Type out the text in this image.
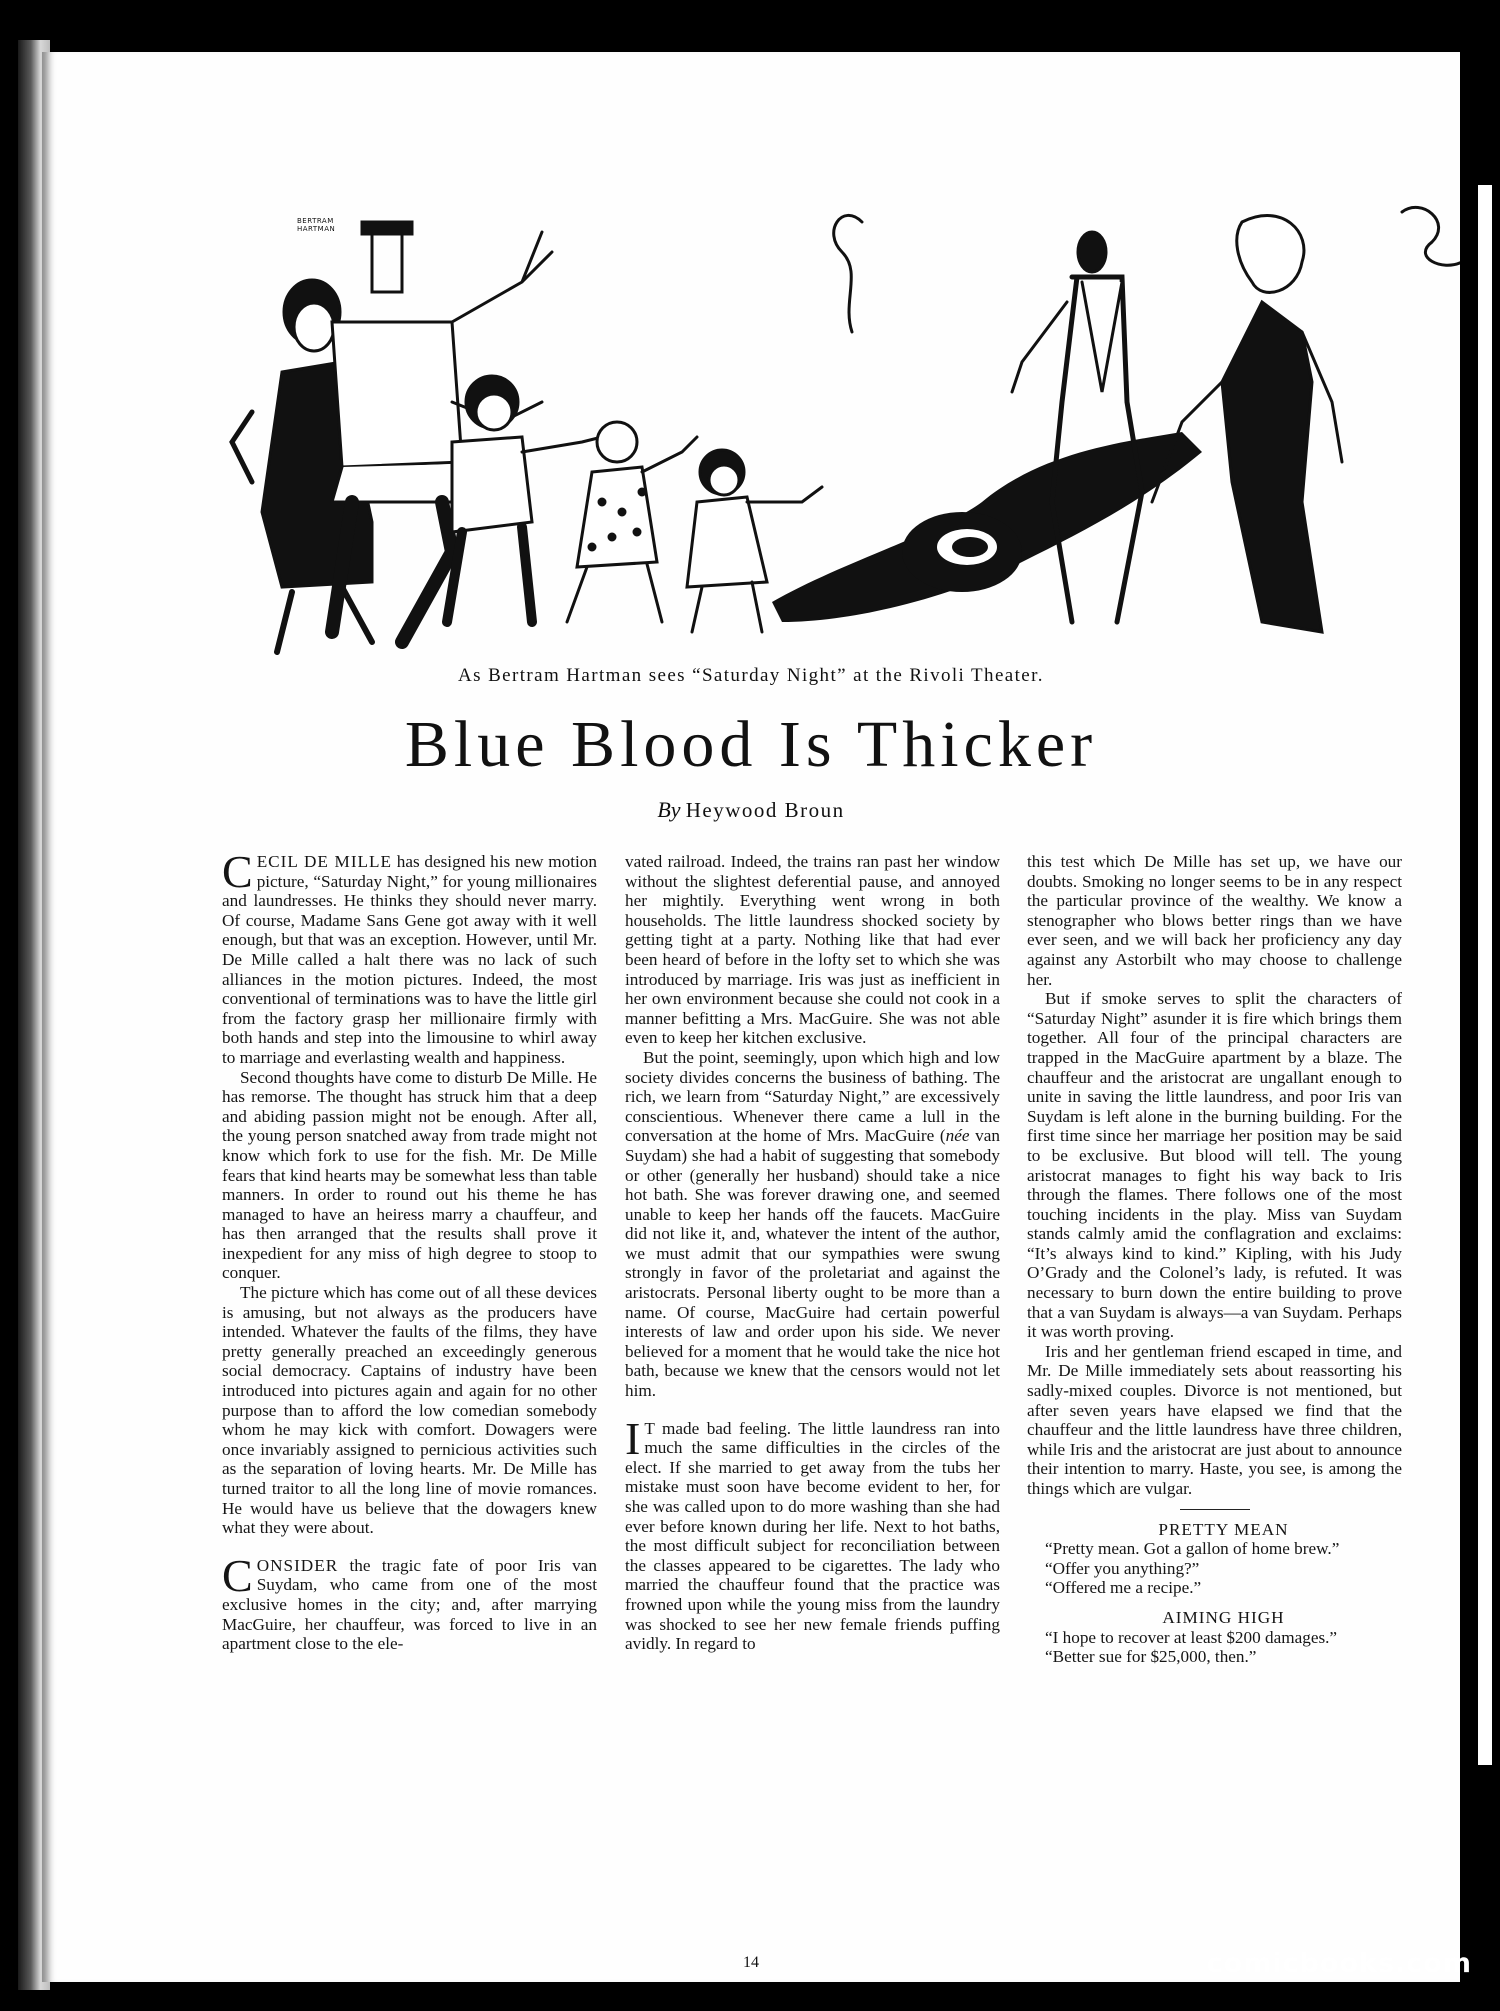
BERTRAM
HARTMAN
As Bertram Hartman sees “Saturday Night” at the Rivoli Theater.
Blue Blood Is Thicker
By Heywood Broun

CECIL DE MILLE has designed his new motion picture, “Saturday Night,” for young millionaires and laundresses. He thinks they should never marry. Of course, Madame Sans Gene got away with it well enough, but that was an exception. However, until Mr. De Mille called a halt there was no lack of such alliances in the motion pictures. Indeed, the most conventional of terminations was to have the little girl from the factory grasp her millionaire firmly with both hands and step into the limousine to whirl away to marriage and everlasting wealth and happiness.

Second thoughts have come to disturb De Mille. He has remorse. The thought has struck him that a deep and abiding passion might not be enough. After all, the young person snatched away from trade might not know which fork to use for the fish. Mr. De Mille fears that kind hearts may be somewhat less than table manners. In order to round out his theme he has managed to have an heiress marry a chauffeur, and has then arranged that the results shall prove it inexpedient for any miss of high degree to stoop to conquer.

The picture which has come out of all these devices is amusing, but not always as the producers have intended. Whatever the faults of the films, they have pretty generally preached an exceedingly generous social democracy. Captains of industry have been introduced into pictures again and again for no other purpose than to afford the low comedian somebody whom he may kick with comfort. Dowagers were once invariably assigned to pernicious activities such as the separation of loving hearts. Mr. De Mille has turned traitor to all the long line of movie romances. He would have us believe that the dowagers knew what they were about.

CONSIDER the tragic fate of poor Iris van Suydam, who came from one of the most exclusive homes in the city; and, after marrying MacGuire, her chauffeur, was forced to live in an apartment close to the ele-

vated railroad. Indeed, the trains ran past her window without the slightest deferential pause, and annoyed her mightily. Everything went wrong in both households. The little laundress shocked society by getting tight at a party. Nothing like that had ever been heard of before in the lofty set to which she was introduced by marriage. Iris was just as inefficient in her own environment because she could not cook in a manner befitting a Mrs. MacGuire. She was not able even to keep her kitchen exclusive.

But the point, seemingly, upon which high and low society divides concerns the business of bathing. The rich, we learn from “Saturday Night,” are excessively conscientious. Whenever there came a lull in the conversation at the home of Mrs. MacGuire (née van Suydam) she had a habit of suggesting that somebody or other (generally her husband) should take a nice hot bath. She was forever drawing one, and seemed unable to keep her hands off the faucets. MacGuire did not like it, and, whatever the intent of the author, we must admit that our sympathies were swung strongly in favor of the proletariat and against the aristocrats. Personal liberty ought to be more than a name. Of course, MacGuire had certain powerful interests of law and order upon his side. We never believed for a moment that he would take the nice hot bath, because we knew that the censors would not let him.

I T made bad feeling. The little laundress ran into much the same difficulties in the circles of the elect. If she married to get away from the tubs her mistake must soon have become evident to her, for she was called upon to do more washing than she had ever before known during her life. Next to hot baths, the most difficult subject for reconciliation between the classes appeared to be cigarettes. The lady who married the chauffeur found that the practice was frowned upon while the young miss from the laundry was shocked to see her new female friends puffing avidly. In regard to

this test which De Mille has set up, we have our doubts. Smoking no longer seems to be in any respect the particular province of the wealthy. We know a stenographer who blows better rings than we have ever seen, and we will back her proficiency any day against any Astorbilt who may choose to challenge her.

But if smoke serves to split the characters of “Saturday Night” asunder it is fire which brings them together. All four of the principal characters are trapped in the MacGuire apartment by a blaze. The chauffeur and the aristocrat are ungallant enough to unite in saving the little laundress, and poor Iris van Suydam is left alone in the burning building. For the first time since her marriage her position may be said to be exclusive. But blood will tell. The young aristocrat manages to fight his way back to Iris through the flames. There follows one of the most touching incidents in the play. Miss van Suydam stands calmly amid the conflagration and exclaims: “It’s always kind to kind.” Kipling, with his Judy O’Grady and the Colonel’s lady, is refuted. It was necessary to burn down the entire building to prove that a van Suydam is always—a van Suydam. Perhaps it was worth proving.

Iris and her gentleman friend escaped in time, and Mr. De Mille immediately sets about reassorting his sadly-mixed couples. Divorce is not mentioned, but after seven years have elapsed we find that the chauffeur and the little laundress have three children, while Iris and the aristocrat are just about to announce their intention to marry. Haste, you see, is among the things which are vulgar.

PRETTY MEAN

“Pretty mean. Got a gallon of home brew.”

“Offer you anything?”

“Offered me a recipe.”

AIMING HIGH

“I hope to recover at least $200 damages.”

“Better sue for $25,000, then.”

14	comicbooks.com
